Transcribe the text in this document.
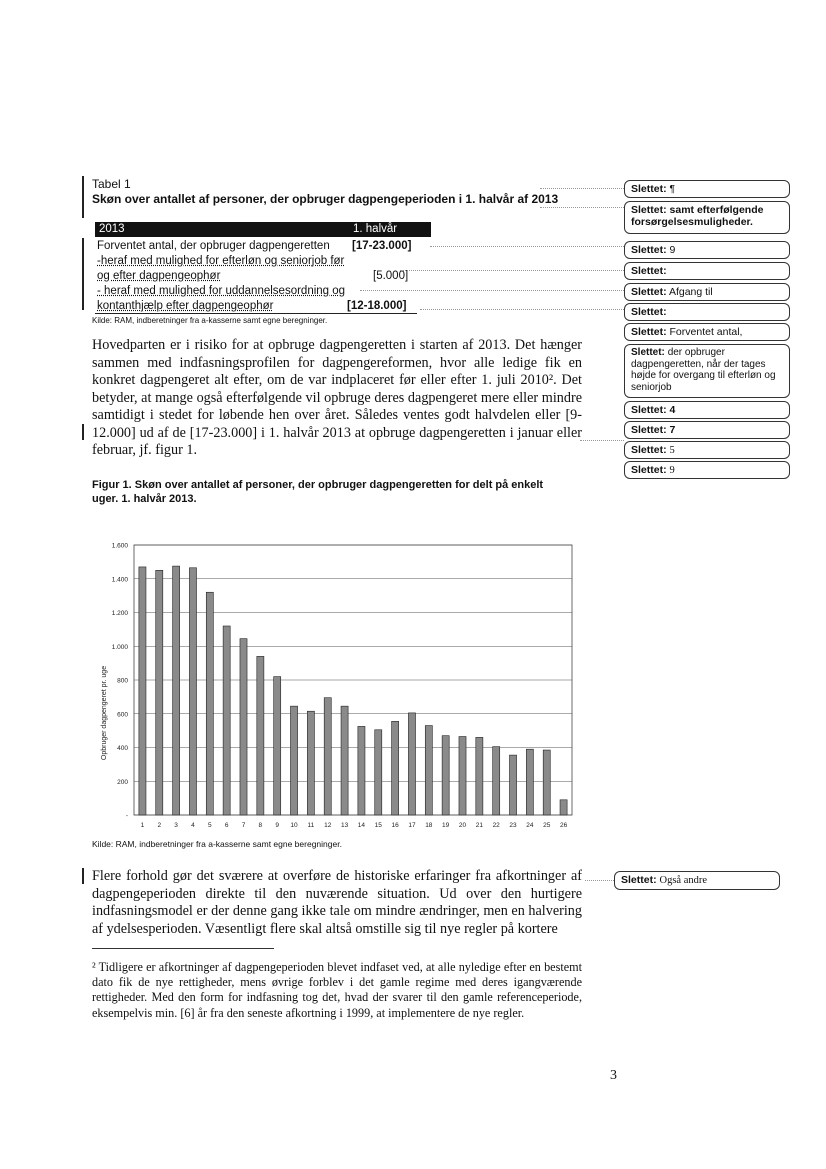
Tabel 1
Skøn over antallet af personer, der opbruger dagpengeperioden i 1. halvår af 2013
2013	1. halvår
Forventet antal, der opbruger dagpengeretten [17-23.000]
-heraf med mulighed for efterløn og seniorjob før
og efter dagpengeophør	[5.000]
- heraf med mulighed for uddannelsesordning og
kontanthjælp efter dagpengeophør	[12-18.000]
Kilde: RAM, indberetninger fra a-kasserne samt egne beregninger.
Hovedparten er i risiko for at opbruge dagpengeretten i starten af 2013. Det hænger sammen med indfasningsprofilen for dagpengereformen, hvor alle ledige fik en konkret dagpengeret alt efter, om de var indplaceret før eller efter 1. juli 2010². Det betyder, at mange også efterfølgende vil opbruge deres dagpengeret mere eller mindre samtidigt i stedet for løbende hen over året. Således ventes godt halvdelen eller [9-12.000] ud af de [17-23.000] i 1. halvår 2013 at opbruge dagpengeretten i januar eller februar, jf. figur 1.
Figur 1. Skøn over antallet af personer, der opbruger dagpengeretten for delt på enkelt uger. 1. halvår 2013.
-
200
400
600
800
1.000
1.200
1.400
1.600
1 2 3 4 5 6 7 8 9 10 11 12 13 14 15 16 17 18 19 20 21 22 23 24 25 26
Opbruger dagpengeret pr. uge
Kilde: RAM, indberetninger fra a-kasserne samt egne beregninger.
Flere forhold gør det sværere at overføre de historiske erfaringer fra afkortninger af dagpengeperioden direkte til den nuværende situation. Ud over den hurtigere indfasningsmodel er der denne gang ikke tale om mindre ændringer, men en halvering af ydelsesperioden. Væsentligt flere skal altså omstille sig til nye regler på kortere
² Tidligere er afkortninger af dagpengeperioden blevet indfaset ved, at alle nyledige efter en bestemt dato fik de nye rettigheder, mens øvrige forblev i det gamle regime med deres igangværende rettigheder. Med den form for indfasning tog det, hvad der svarer til den gamle referenceperiode, eksempelvis min. [6] år fra den seneste afkortning i 1999, at implementere de nye regler.
3
Slettet: ¶
Slettet: samt efterfølgende forsørgelsesmuligheder.
Slettet: 9
Slettet:
Slettet: Afgang til
Slettet:
Slettet: Forventet antal,
Slettet: der opbruger dagpengeretten, når der tages højde for overgang til efterløn og seniorjob
Slettet: 4
Slettet: 7
Slettet: 5
Slettet: 9
Slettet: Også andre
